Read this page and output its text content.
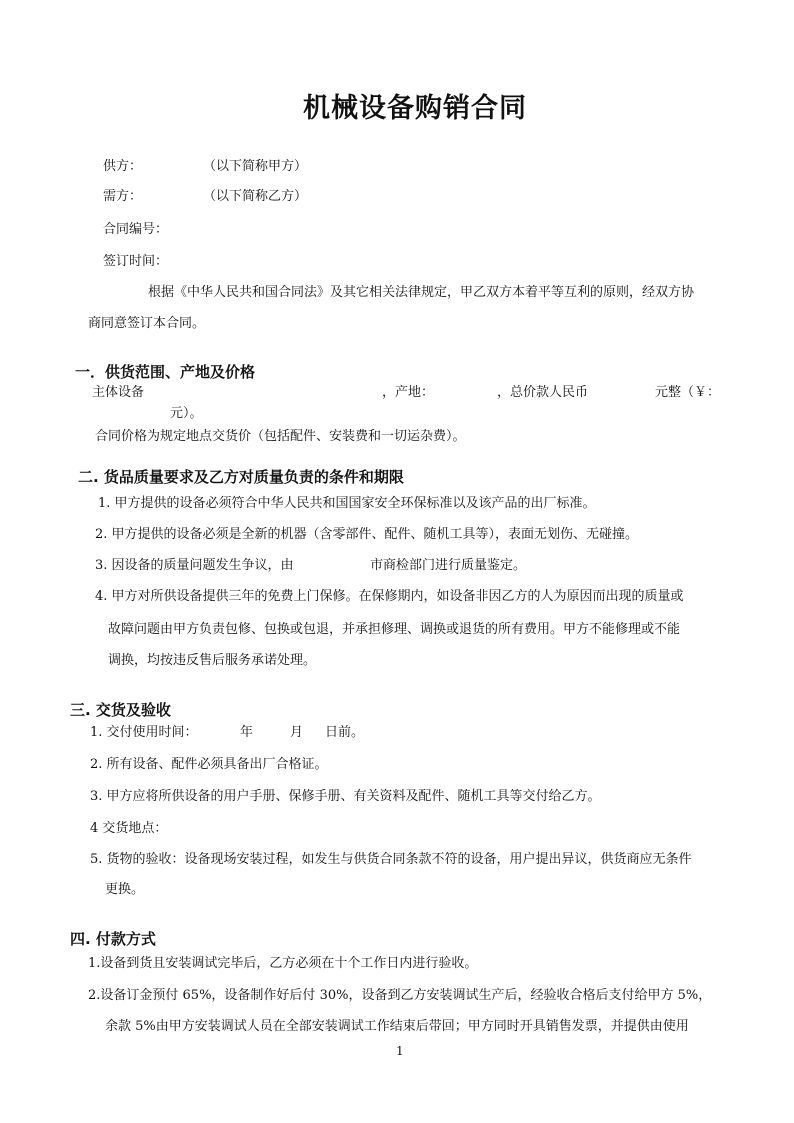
机械设备购销合同
供方：	（以下简称甲方）
需方：	（以下简称乙方）
合同编号：
签订时间：
根据《中华人民共和国合同法》及其它相关法律规定，甲乙双方本着平等互利的原则，经双方协
商同意签订本合同。
一．供货范围、产地及价格
主体设备	，产地：	，总价款人民币	元整（￥：
元）。
合同价格为规定地点交货价（包括配件、安装费和一切运杂费）。
二. 货品质量要求及乙方对质量负责的条件和期限
1. 甲方提供的设备必须符合中华人民共和国国家安全环保标准以及该产品的出厂标准。
2. 甲方提供的设备必须是全新的机器（含零部件、配件、随机工具等），表面无划伤、无碰撞。
3. 因设备的质量问题发生争议，由	市商检部门进行质量鉴定。
4. 甲方对所供设备提供三年的免费上门保修。在保修期内，如设备非因乙方的人为原因而出现的质量或
故障问题由甲方负责包修、包换或包退，并承担修理、调换或退货的所有费用。甲方不能修理或不能
调换，均按违反售后服务承诺处理。
三. 交货及验收
1. 交付使用时间：	年	月 日前。
2. 所有设备、配件必须具备出厂合格证。
3. 甲方应将所供设备的用户手册、保修手册、有关资料及配件、随机工具等交付给乙方。
4 交货地点：
5. 货物的验收：设备现场安装过程，如发生与供货合同条款不符的设备，用户提出异议，供货商应无条件
更换。
四. 付款方式
1.设备到货且安装调试完毕后，乙方必须在十个工作日内进行验收。
2.设备订金预付 65%，设备制作好后付 30%，设备到乙方安装调试生产后，经验收合格后支付给甲方 5%，
余款 5%由甲方安装调试人员在全部安装调试工作结束后带回；甲方同时开具销售发票，并提供由使用
1
